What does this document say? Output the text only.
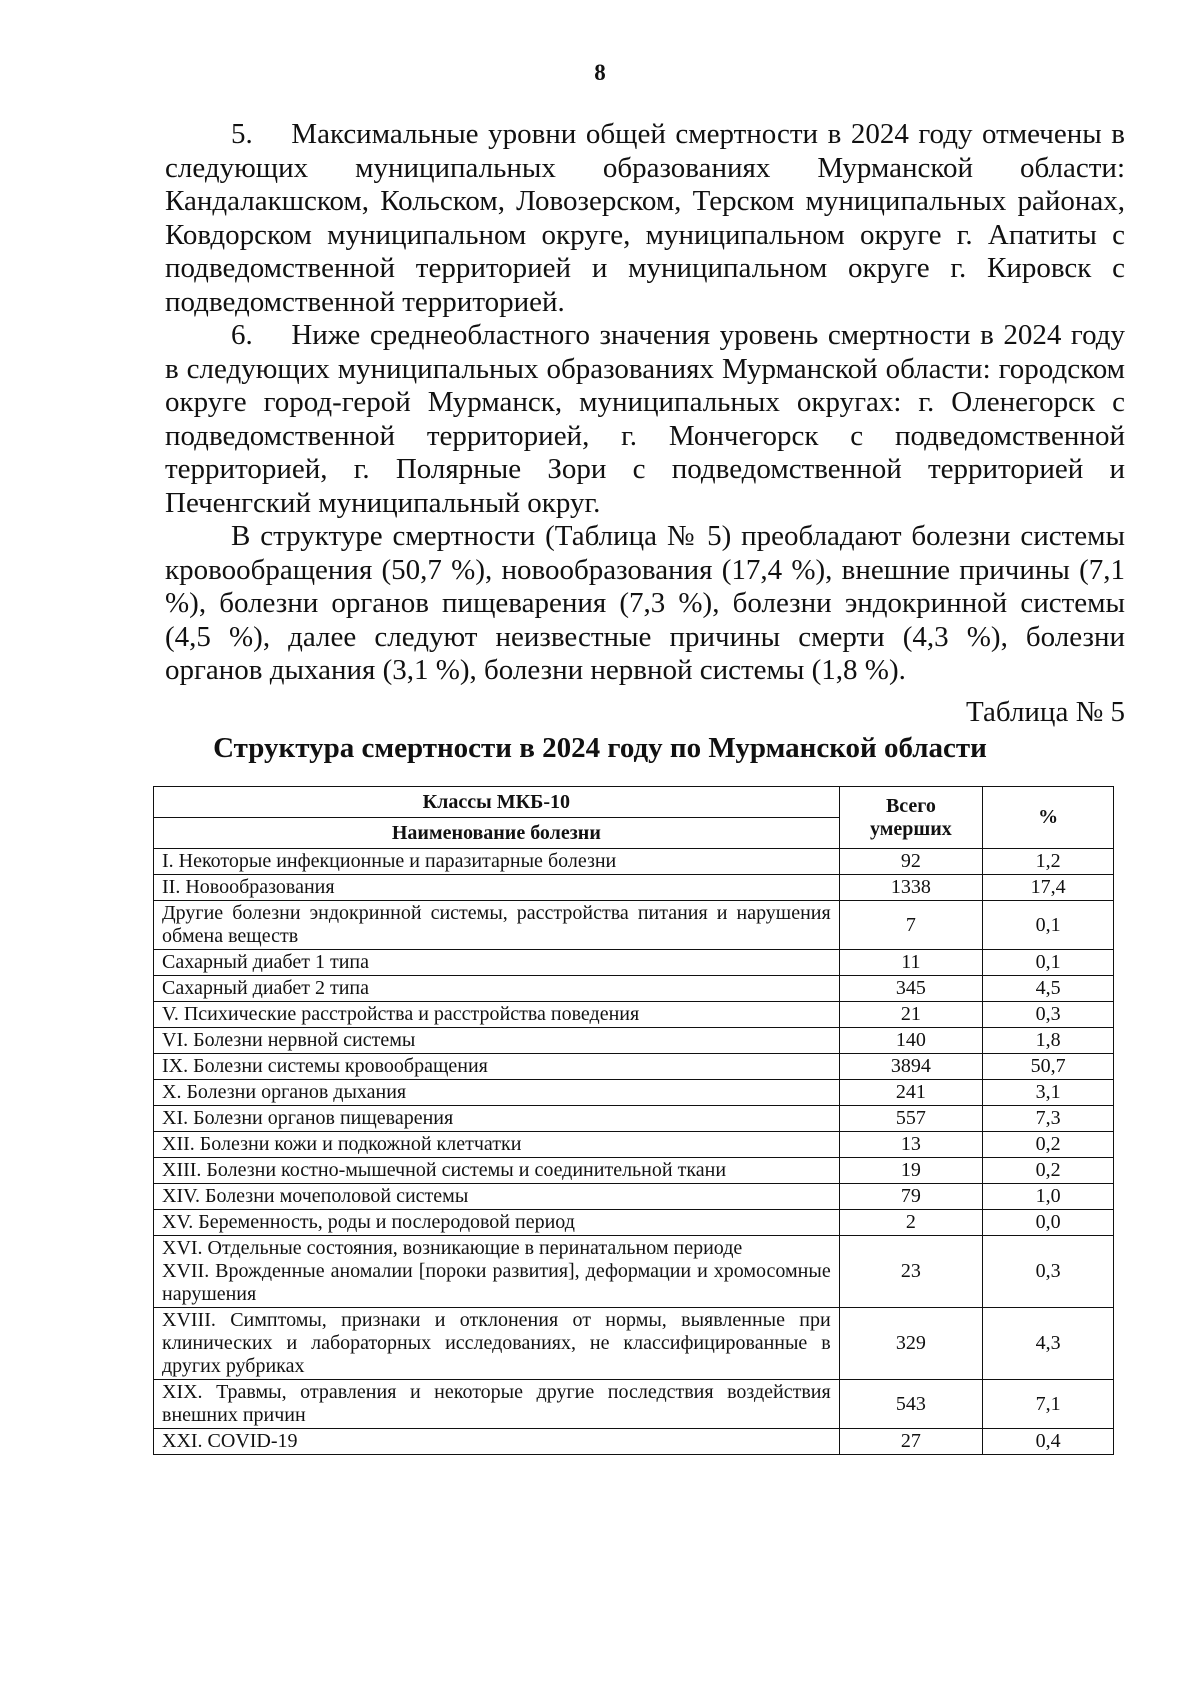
8

5.  Максимальные уровни общей смертности в 2024 году отмечены в следующих муниципальных образованиях Мурманской области: Кандалакшском, Кольском, Ловозерском, Терском муниципальных районах, Ковдорском муниципальном округе, муниципальном округе г. Апатиты с подведомственной территорией и муниципальном округе г. Кировск с подведомственной территорией.

6.  Ниже среднеобластного значения уровень смертности в 2024 году в следующих муниципальных образованиях Мурманской области: городском округе город-герой Мурманск, муниципальных округах: г. Оленегорск с подведомственной территорией, г. Мончегорск с подведомственной территорией, г. Полярные Зори с подведомственной территорией и Печенгский муниципальный округ.

В структуре смертности (Таблица № 5) преобладают болезни системы кровообращения (50,7 %), новообразования (17,4 %), внешние причины (7,1 %), болезни органов пищеварения (7,3 %), болезни эндокринной системы (4,5 %), далее следуют неизвестные причины смерти (4,3 %), болезни органов дыхания (3,1 %), болезни нервной системы (1,8 %).

Таблица № 5
Структура смертности в 2024 году по Мурманской области
Классы МКБ-10	Всего умерших	%
Наименование болезни		

I. Некоторые инфекционные и паразитарные болезни	92	1,2

II. Новообразования	1338	17,4

Другие болезни эндокринной системы, расстройства питания и нарушения обмена веществ	7	0,1

Сахарный диабет 1 типа	11	0,1

Сахарный диабет 2 типа	345	4,5

V. Психические расстройства и расстройства поведения	21	0,3

VI. Болезни нервной системы	140	1,8

IX. Болезни системы кровообращения	3894	50,7

X. Болезни органов дыхания	241	3,1

XI. Болезни органов пищеварения	557	7,3

XII. Болезни кожи и подкожной клетчатки	13	0,2

XIII. Болезни костно-мышечной системы и соединительной ткани	19	0,2

XIV. Болезни мочеполовой системы	79	1,0

XV. Беременность, роды и послеродовой период	2	0,0

XVI. Отдельные состояния, возникающие в перинатальном периоде
XVII. Врожденные аномалии [пороки развития], деформации и хромосомные нарушения	23	0,3

XVIII. Симптомы, признаки и отклонения от нормы, выявленные при клинических и лабораторных исследованиях, не классифицированные в других рубриках	329	4,3

XIX. Травмы, отравления и некоторые другие последствия воздействия внешних причин	543	7,1

XXI. COVID-19	27	0,4
